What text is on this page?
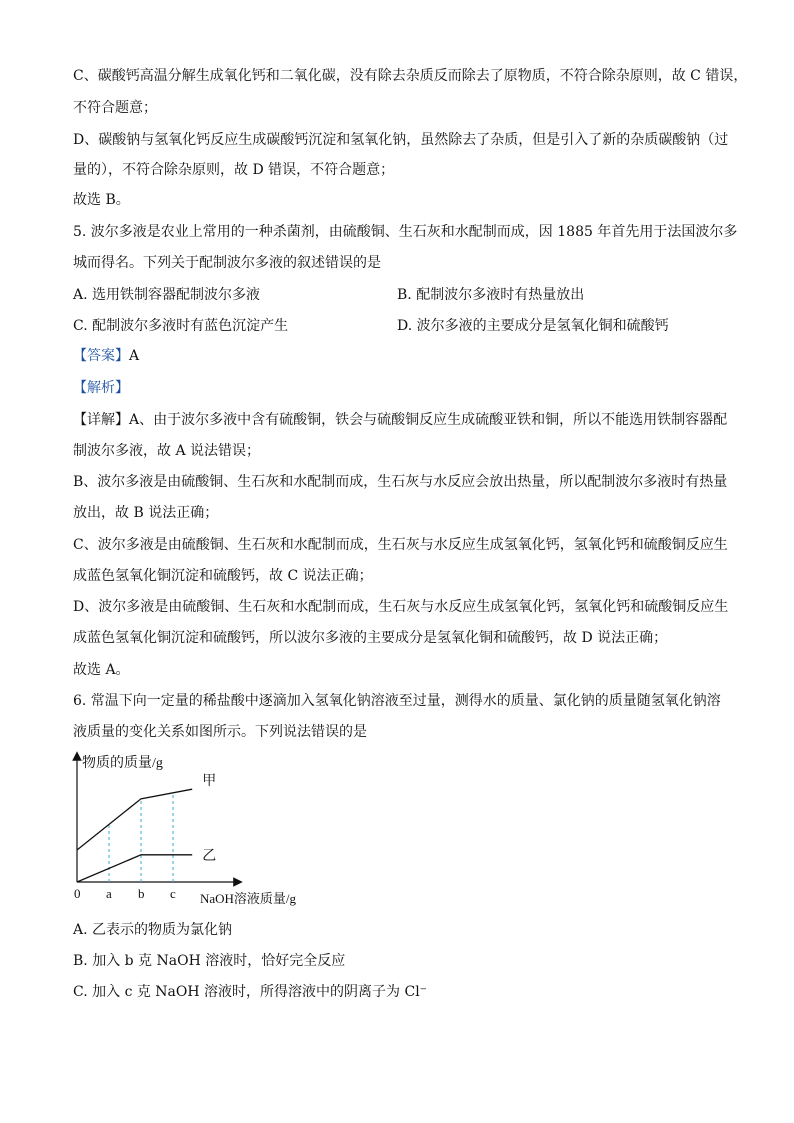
C、碳酸钙高温分解生成氧化钙和二氧化碳，没有除去杂质反而除去了原物质，不符合除杂原则，故 C 错误，
不符合题意；
D、碳酸钠与氢氧化钙反应生成碳酸钙沉淀和氢氧化钠，虽然除去了杂质，但是引入了新的杂质碳酸钠（过
量的），不符合除杂原则，故 D 错误，不符合题意；
故选 B。
5. 波尔多液是农业上常用的一种杀菌剂，由硫酸铜、生石灰和水配制而成，因 1885 年首先用于法国波尔多
城而得名。下列关于配制波尔多液的叙述错误的是
A. 选用铁制容器配制波尔多液	B. 配制波尔多液时有热量放出
C. 配制波尔多液时有蓝色沉淀产生	D. 波尔多液的主要成分是氢氧化铜和硫酸钙
【答案】A
【解析】
【详解】A、由于波尔多液中含有硫酸铜，铁会与硫酸铜反应生成硫酸亚铁和铜，所以不能选用铁制容器配
制波尔多液，故 A 说法错误；
B、波尔多液是由硫酸铜、生石灰和水配制而成，生石灰与水反应会放出热量，所以配制波尔多液时有热量
放出，故 B 说法正确；
C、波尔多液是由硫酸铜、生石灰和水配制而成，生石灰与水反应生成氢氧化钙，氢氧化钙和硫酸铜反应生
成蓝色氢氧化铜沉淀和硫酸钙，故 C 说法正确；
D、波尔多液是由硫酸铜、生石灰和水配制而成，生石灰与水反应生成氢氧化钙，氢氧化钙和硫酸铜反应生
成蓝色氢氧化铜沉淀和硫酸钙，所以波尔多液的主要成分是氢氧化铜和硫酸钙，故 D 说法正确；
故选 A。
6. 常温下向一定量的稀盐酸中逐滴加入氢氧化钠溶液至过量，测得水的质量、氯化钠的质量随氢氧化钠溶
液质量的变化关系如图所示。下列说法错误的是
物质的质量/g
NaOH溶液质量/g
0 a b c
甲
乙
A. 乙表示的物质为氯化钠
B. 加入 b 克 NaOH 溶液时，恰好完全反应
C. 加入 c 克 NaOH 溶液时，所得溶液中的阴离子为 Cl⁻
